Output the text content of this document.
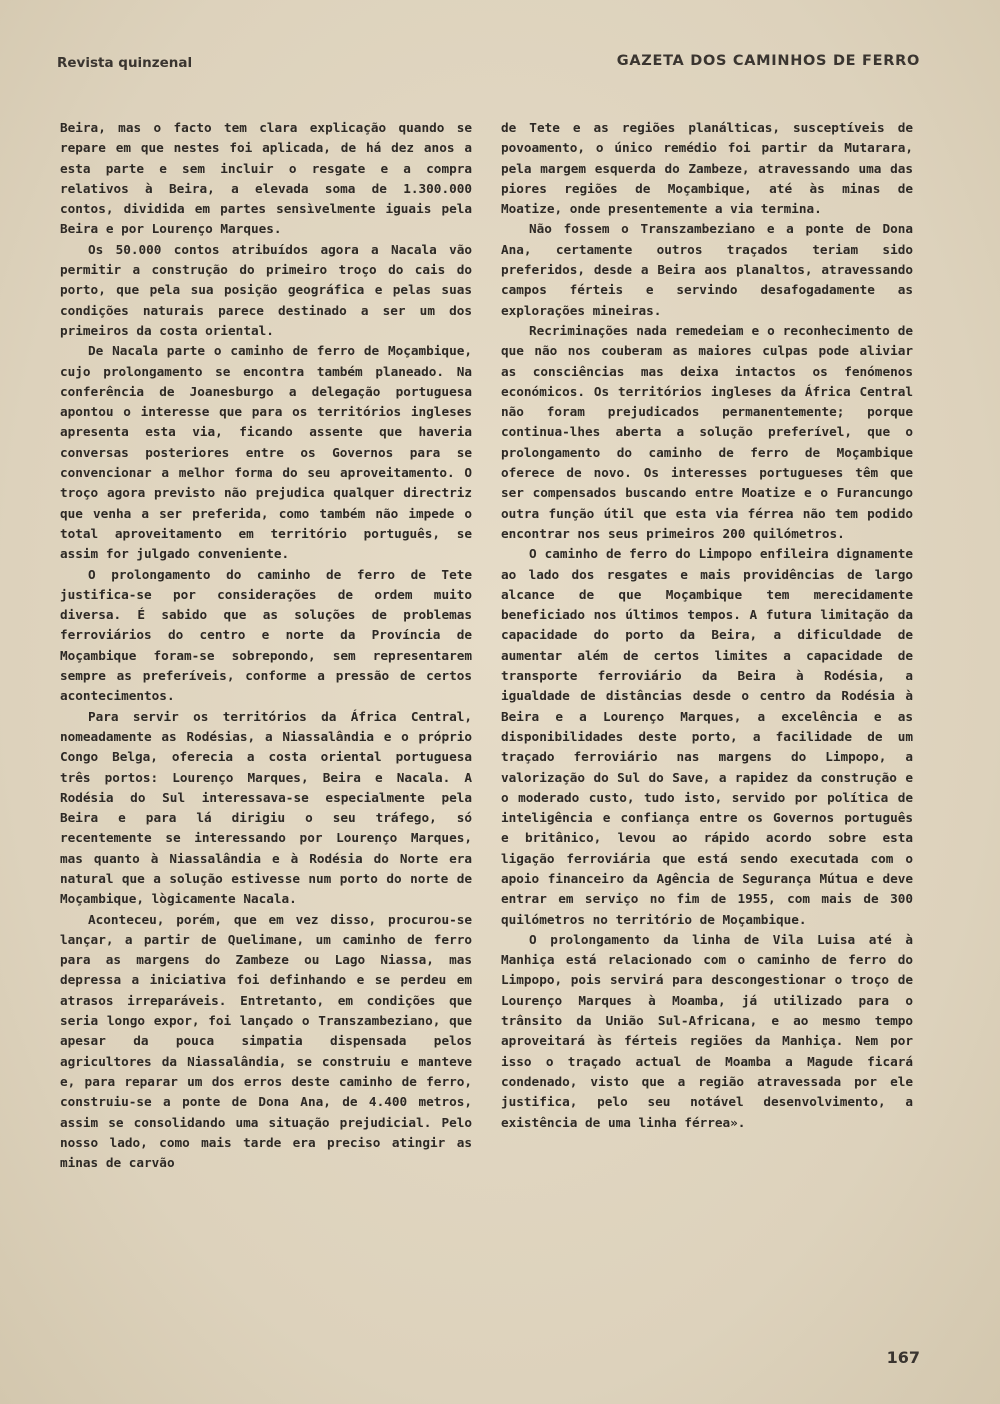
Revista quinzenal	GAZETA DOS CAMINHOS DE FERRO

Beira, mas o facto tem clara explicação quando se repare em que nestes foi aplicada, de há dez anos a esta parte e sem incluir o resgate e a compra relativos à Beira, a elevada soma de 1.300.000 contos, dividida em partes sensìvelmente iguais pela Beira e por Lourenço Marques.

Os 50.000 contos atribuídos agora a Nacala vão permitir a construção do primeiro troço do cais do porto, que pela sua posição geográfica e pelas suas condições naturais parece destinado a ser um dos primeiros da costa oriental.

De Nacala parte o caminho de ferro de Moçambique, cujo prolongamento se encontra também planeado. Na conferência de Joanesburgo a delegação portuguesa apontou o interesse que para os territórios ingleses apresenta esta via, ficando assente que haveria conversas posteriores entre os Governos para se convencionar a melhor forma do seu aproveitamento. O troço agora previsto não prejudica qualquer directriz que venha a ser preferida, como também não impede o total aproveitamento em território português, se assim for julgado conveniente.

O prolongamento do caminho de ferro de Tete justifica-se por considerações de ordem muito diversa. É sabido que as soluções de problemas ferroviários do centro e norte da Província de Moçambique foram-se sobrepondo, sem representarem sempre as preferíveis, conforme a pressão de certos acontecimentos.

Para servir os territórios da África Central, nomeadamente as Rodésias, a Niassalândia e o próprio Congo Belga, oferecia a costa oriental portuguesa três portos: Lourenço Marques, Beira e Nacala. A Rodésia do Sul interessava-se especialmente pela Beira e para lá dirigiu o seu tráfego, só recentemente se interessando por Lourenço Marques, mas quanto à Niassalândia e à Rodésia do Norte era natural que a solução estivesse num porto do norte de Moçambique, lògicamente Nacala.

Aconteceu, porém, que em vez disso, procurou-se lançar, a partir de Quelimane, um caminho de ferro para as margens do Zambeze ou Lago Niassa, mas depressa a iniciativa foi definhando e se perdeu em atrasos irreparáveis. Entretanto, em condições que seria longo expor, foi lançado o Transzambeziano, que apesar da pouca simpatia dispensada pelos agricultores da Niassalândia, se construiu e manteve e, para reparar um dos erros deste caminho de ferro, construiu-se a ponte de Dona Ana, de 4.400 metros, assim se consolidando uma situação prejudicial. Pelo nosso lado, como mais tarde era preciso atingir as minas de carvão

de Tete e as regiões planálticas, susceptíveis de povoamento, o único remédio foi partir da Mutarara, pela margem esquerda do Zambeze, atravessando uma das piores regiões de Moçambique, até às minas de Moatize, onde presentemente a via termina.

Não fossem o Transzambeziano e a ponte de Dona Ana, certamente outros traçados teriam sido preferidos, desde a Beira aos planaltos, atravessando campos férteis e servindo desafogadamente as explorações mineiras.

Recriminações nada remedeiam e o reconhecimento de que não nos couberam as maiores culpas pode aliviar as consciências mas deixa intactos os fenómenos económicos. Os territórios ingleses da África Central não foram prejudicados permanentemente; porque continua-lhes aberta a solução preferível, que o prolongamento do caminho de ferro de Moçambique oferece de novo. Os interesses portugueses têm que ser compensados buscando entre Moatize e o Furancungo outra função útil que esta via férrea não tem podido encontrar nos seus primeiros 200 quilómetros.

O caminho de ferro do Limpopo enfileira dignamente ao lado dos resgates e mais providências de largo alcance de que Moçambique tem merecidamente beneficiado nos últimos tempos. A futura limitação da capacidade do porto da Beira, a dificuldade de aumentar além de certos limites a capacidade de transporte ferroviário da Beira à Rodésia, a igualdade de distâncias desde o centro da Rodésia à Beira e a Lourenço Marques, a excelência e as disponibilidades deste porto, a facilidade de um traçado ferroviário nas margens do Limpopo, a valorização do Sul do Save, a rapidez da construção e o moderado custo, tudo isto, servido por política de inteligência e confiança entre os Governos português e britânico, levou ao rápido acordo sobre esta ligação ferroviária que está sendo executada com o apoio financeiro da Agência de Segurança Mútua e deve entrar em serviço no fim de 1955, com mais de 300 quilómetros no território de Moçambique.

O prolongamento da linha de Vila Luisa até à Manhiça está relacionado com o caminho de ferro do Limpopo, pois servirá para descongestionar o troço de Lourenço Marques à Moamba, já utilizado para o trânsito da União Sul-Africana, e ao mesmo tempo aproveitará às férteis regiões da Manhiça. Nem por isso o traçado actual de Moamba a Magude ficará condenado, visto que a região atravessada por ele justifica, pelo seu notável desenvolvimento, a existência de uma linha férrea».

167
